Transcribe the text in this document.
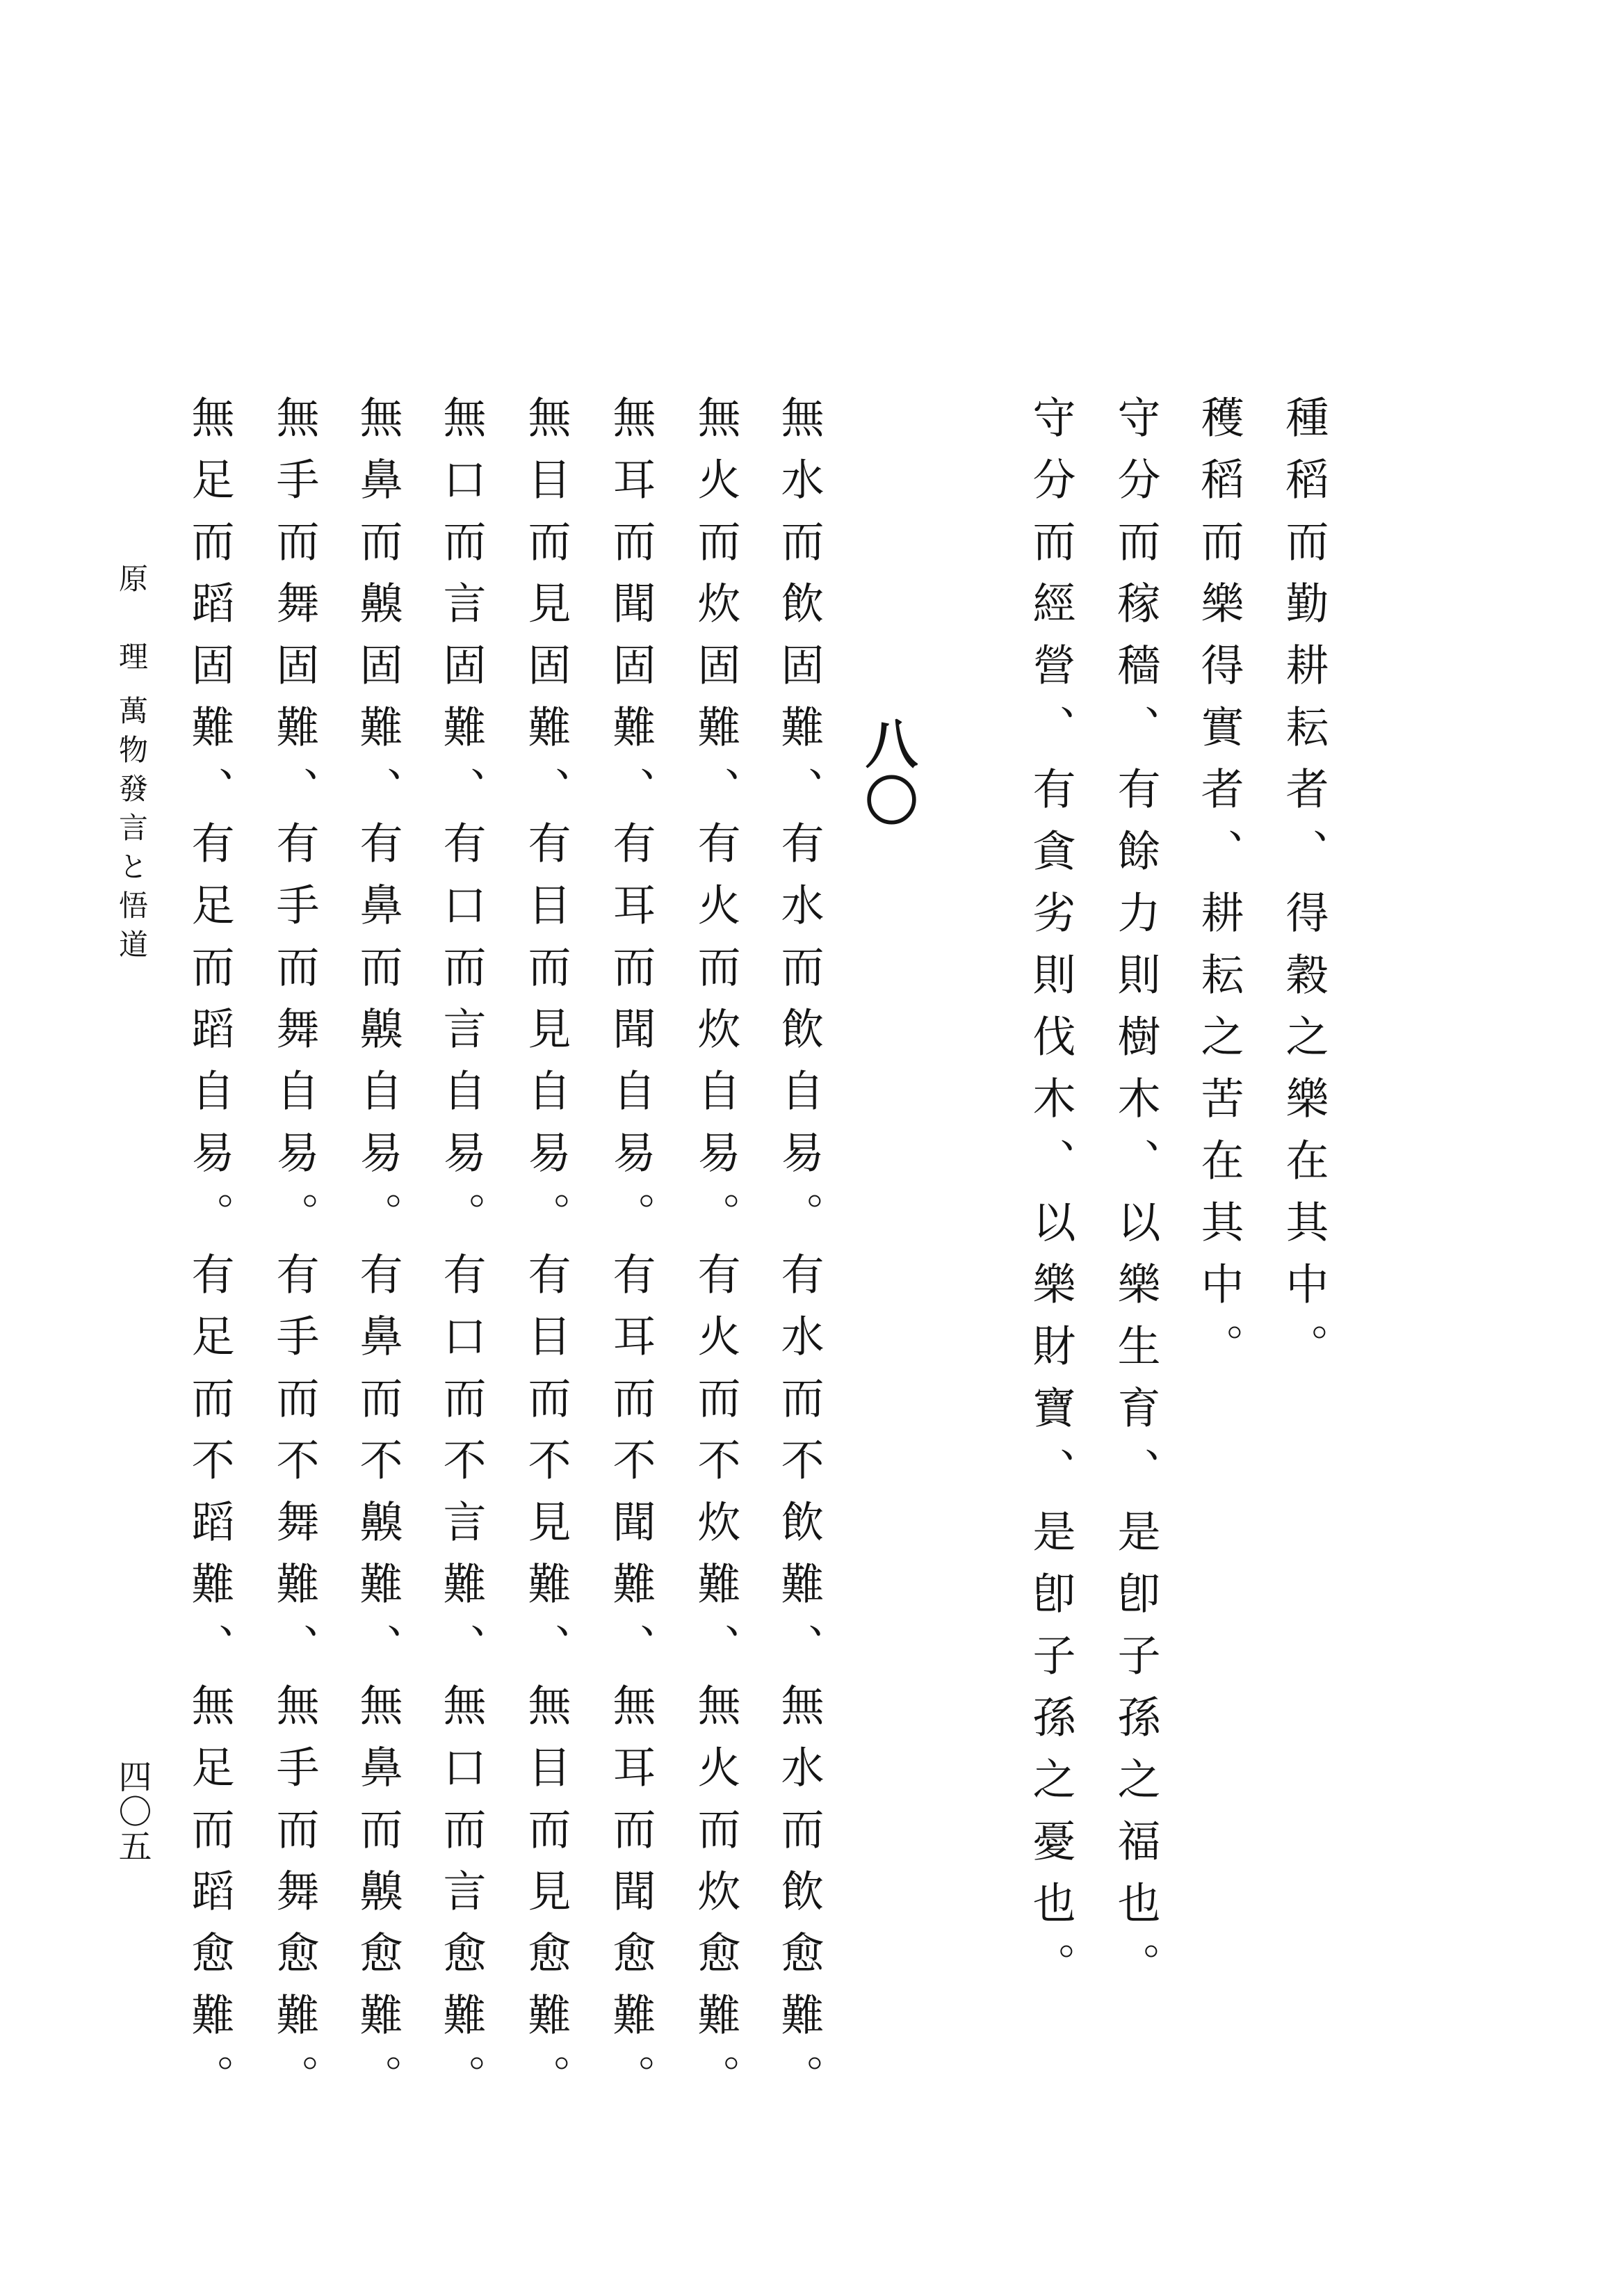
種稻而勤耕耘者、得穀之樂在其中。
穫稻而樂得實者、耕耘之苦在其中。
守分而稼穡、有餘力則樹木、以樂生育、是卽子孫之福也。
守分而經營、有貪劣則伐木、以樂財寶、是卽子孫之憂也。
八〇
無水而飲固難、
無火而炊固難、
無耳而聞固難、
無目而見固難、
無口而言固難、
無鼻而齅固難、
無手而舞固難、
無足而蹈固難、
有水而飲自易。
有火而炊自易。
有耳而聞自易。
有目而見自易。
有口而言自易。
有鼻而齅自易。
有手而舞自易。
有足而蹈自易。
有水而不飲難、
有火而不炊難、
有耳而不聞難、
有目而不見難、
有口而不言難、
有鼻而不齅難、
有手而不舞難、
有足而不蹈難、
無水而飲愈難。
無火而炊愈難。
無耳而聞愈難。
無目而見愈難。
無口而言愈難。
無鼻而齅愈難。
無手而舞愈難。
無足而蹈愈難。
原　理
萬物發言と悟道
四〇五
